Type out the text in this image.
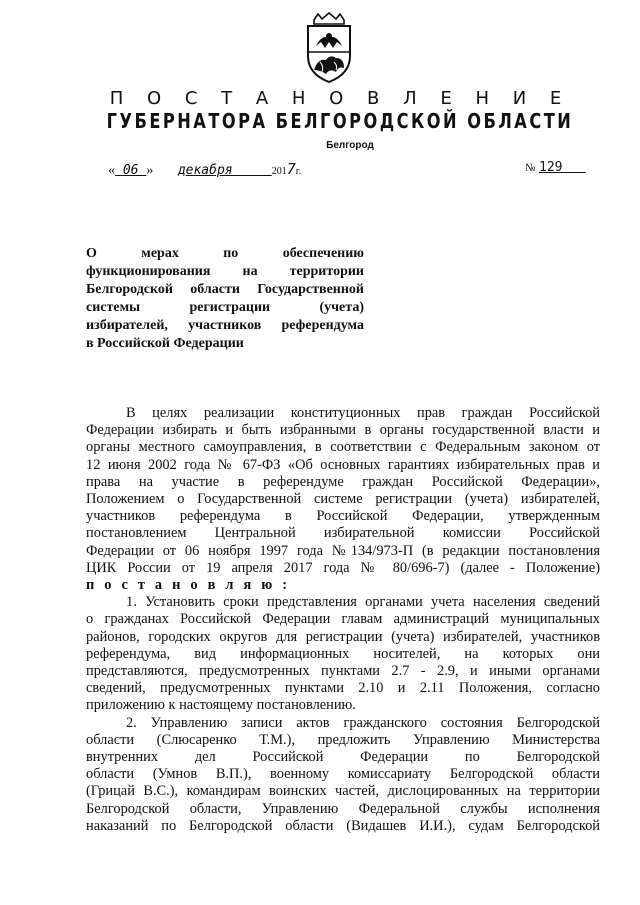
П О С Т А Н О В Л Е Н И Е
ГУБЕРНАТОРА БЕЛГОРОДСКОЙ ОБЛАСТИ
Белгород
« 06 » декабря	2017г.	№ 129
О мерах по обеспечению
функционирования на территории
Белгородской области Государственной
системы регистрации (учета)
избирателей, участников референдума
в Российской Федерации
В целях реализации конституционных прав граждан Российской
Федерации избирать и быть избранными в органы государственной власти и
органы местного самоуправления, в соответствии с Федеральным законом от
12 июня 2002 года № 67-ФЗ «Об основных гарантиях избирательных прав и
права на участие в референдуме граждан Российской Федерации»,
Положением о Государственной системе регистрации (учета) избирателей,
участников референдума в Российской Федерации, утвержденным
постановлением Центральной избирательной комиссии Российской
Федерации от 06 ноября 1997 года №134/973-П (в редакции постановления
ЦИК России от 19 апреля 2017 года № 80/696-7) (далее - Положение)
п о с т а н о в л я ю :
1. Установить сроки представления органами учета населения сведений
о гражданах Российской Федерации главам администраций муниципальных
районов, городских округов для регистрации (учета) избирателей, участников
референдума, вид информационных носителей, на которых они
представляются, предусмотренных пунктами 2.7 - 2.9, и иными органами
сведений, предусмотренных пунктами 2.10 и 2.11 Положения, согласно
приложению к настоящему постановлению.
2. Управлению записи актов гражданского состояния Белгородской
области (Слюсаренко Т.М.), предложить Управлению Министерства
внутренних дел Российской Федерации по Белгородской
области (Умнов В.П.), военному комиссариату Белгородской области
(Грицай В.С.), командирам воинских частей, дислоцированных на территории
Белгородской области, Управлению Федеральной службы исполнения
наказаний по Белгородской области (Видашев И.И.), судам Белгородской
